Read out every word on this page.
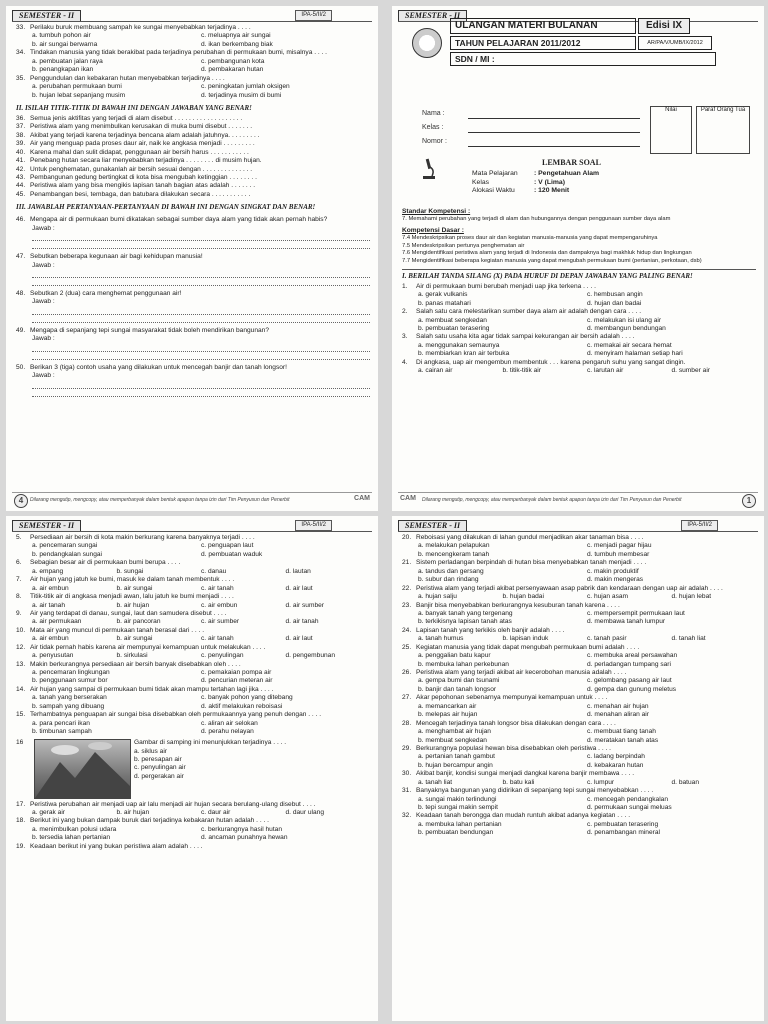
SEMESTER - II	IPA-5/II/2
33. Perilaku buruk membuang sampah ke sungai menyebabkan terjadinya . . . .
a. tumbuh pohon air	c. meluapnya air sungai
b. air sungai berwarna	d. ikan berkembang biak
34. Tindakan manusia yang tidak berakibat pada terjadinya perubahan di permukaan bumi, misalnya . . . .
a. pembuatan jalan raya	c. pembangunan kota
b. penangkapan ikan	d. pembakaran hutan
35. Penggundulan dan kebakaran hutan menyebabkan terjadinya . . . .
a. perubahan permukaan bumi	c. peningkatan jumlah oksigen
b. hujan lebat sepanjang musim	d. terjadinya musim di bumi
II. ISILAH TITIK-TITIK DI BAWAH INI DENGAN JAWABAN YANG BENAR!
36. Semua jenis aktifitas yang terjadi di alam disebut . . . . . . . . . . . . . . . . . . .
37. Peristiwa alam yang menimbulkan kerusakan di muka bumi disebut . . . . . . .
38. Akibat yang terjadi karena terjadinya bencana alam adalah jatuhnya. . . . . . . . .
39. Air yang menguap pada proses daur air, naik ke angkasa menjadi . . . . . . . . .
40. Karena mahal dan sulit didapat, penggunaan air bersih harus . . . . . . . . . . .
41. Penebang hutan secara liar menyebabkan terjadinya . . . . . . . . di musim hujan.
42. Untuk penghematan, gunakanlah air bersih sesuai dengan . . . . . . . . . . . . . .
43. Pembangunan gedung bertingkat di kota bisa mengubah ketinggian . . . . . . . .
44. Peristiwa alam yang bisa mengikis lapisan tanah bagian atas adalah . . . . . . .
45. Penambangan besi, tembaga, dan batubara dilakukan secara . . . . . . . . . . .
III. JAWABLAH PERTANYAAN-PERTANYAAN DI BAWAH INI DENGAN SINGKAT DAN BENAR!
46. Mengapa air di permukaan bumi dikatakan sebagai sumber daya alam yang tidak akan pernah habis?
Jawab :
47. Sebutkan beberapa kegunaan air bagi kehidupan manusia!
Jawab :
48. Sebutkan 2 (dua) cara menghemat penggunaan air!
Jawab :
49. Mengapa di sepanjang tepi sungai masyarakat tidak boleh mendirikan bangunan?
Jawab :
50. Berikan 3 (tiga) contoh usaha yang dilakukan untuk mencegah banjir dan tanah longsor!
Jawab :
4	Dilarang mengutip, mengcopy, atau memperbanyak dalam bentuk apapun tanpa izin dari Tim Penyusun dan Penerbit	CAM
SEMESTER - II
ULANGAN MATERI BULANAN	Edisi IX
TAHUN PELAJARAN 2011/2012	AR/PA/V/UMB/IX/2012
SDN / MI :
Nama :
Kelas :
Nomor :
Nilai	Paraf Orang Tua
LEMBAR SOAL
Mata Pelajaran : Pengetahuan Alam
Kelas	: V (Lima)
Alokasi Waktu	: 120 Menit
Standar Kompetensi :
7. Memahami perubahan yang terjadi di alam dan hubungannya dengan penggunaan sumber daya alam
Kompetensi Dasar :
7.4 Mendeskripsikan proses daur air dan kegiatan manusia-manusia yang dapat mempengaruhinya
7.5 Mendeskripsikan pertunya penghematan air
7.6 Mengidentifikasi peristiwa alam yang terjadi di Indonesia dan dampaknya bagi makhluk hidup dan lingkungan
7.7 Mengidentifikasi beberapa kegiatan manusia yang dapat mengubah permukaan bumi (pertanian, perkotaan, dsb)
I. BERILAH TANDA SILANG (X) PADA HURUF DI DEPAN JAWABAN YANG PALING BENAR!
1. Air di permukaan bumi berubah menjadi uap jika terkena . . . .
a. gerak vulkanis	c. hembusan angin
b. panas matahari	d. hujan dan badai
2. Salah satu cara melestarikan sumber daya alam air adalah dengan cara . . . .
a. membuat sengkedan	c. melakukan isi ulang air
b. pembuatan terasering	d. membangun bendungan
3. Salah satu usaha kita agar tidak sampai kekurangan air bersih adalah . . . .
a. menggunakan semaunya	c. memakai air secara hemat
b. membiarkan kran air terbuka	d. menyiram halaman setiap hari
4. Di angkasa, uap air mengembun membentuk . . . karena pengaruh suhu yang sangat dingin.
a. cairan air	b. titik-titik air	c. larutan air	d. sumber air
CAM Dilarang mengutip, mengcopy, atau memperbanyak dalam bentuk apapun tanpa izin dari Tim Penyusun dan Penerbit	1
SEMESTER - II	IPA-5/II/2
5. Persediaan air bersih di kota makin berkurang karena banyaknya terjadi . . . .
a. pencemaran sungai	c. penguapan laut
b. pendangkalan sungai	d. pembuatan waduk
6. Sebagian besar air di permukaan bumi berupa . . . .
a. empang	b. sungai	c. danau	d. lautan
7. Air hujan yang jatuh ke bumi, masuk ke dalam tanah membentuk . . . .
a. air embun	b. air sungai	c. air tanah	d. air laut
8. Titik-titik air di angkasa menjadi awan, lalu jatuh ke bumi menjadi . . . .
a. air tanah	b. air hujan	c. air embun	d. air sumber
9. Air yang terdapat di danau, sungai, laut dan samudera disebut . . . .
a. air permukaan	b. air pancoran	c. air sumber	d. air tanah
10. Mata air yang muncul di permukaan tanah berasal dari . . . .
a. air embun	b. air sungai	c. air tanah	d. air laut
12. Air tidak pernah habis karena air mempunyai kemampuan untuk melakukan . . . .
a. penyusutan	b. sirkulasi	c. penyulingan	d. pengembunan
13. Makin berkurangnya persediaan air bersih banyak disebabkan oleh . . . .
a. pencemaran lingkungan	c. pemakaian pompa air
b. penggunaan sumur bor	d. pencurian meteran air
14. Air hujan yang sampai di permukaan bumi tidak akan mampu tertahan lagi jika . . . .
a. tanah yang berserakan	c. banyak pohon yang ditebang
b. sampah yang dibuang	d. aktif melakukan reboisasi
15. Terhambatnya penguapan air sungai bisa disebabkan oleh permukaannya yang penuh dengan . . . .
a. para pencari ikan	c. aliran air selokan
b. timbunan sampah	d. perahu nelayan
16	Gambar di samping ini menunjukkan terjadinya . . . .
a. siklus air
b. peresapan air
c. penyulingan air
d. pergerakan air
17. Peristiwa perubahan air menjadi uap air lalu menjadi air hujan secara berulang-ulang disebut . . . .
a. gerak air	b. air hujan	c. daur air	d. daur ulang
18. Berikut ini yang bukan dampak buruk dari terjadinya kebakaran hutan adalah . . . .
a. menimbulkan polusi udara	c. berkurangnya hasil hutan
b. tersedia lahan pertanian	d. ancaman punahnya hewan
19. Keadaan berikut ini yang bukan peristiwa alam adalah . . . .
SEMESTER - II	IPA-5/II/2
20. Reboisasi yang dilakukan di lahan gundul menjadikan akar tanaman bisa . . . .
a. melakukan pelapukan	c. menjadi pagar hijau
b. mencengkeram tanah	d. tumbuh membesar
21. Sistem perladangan berpindah di hutan bisa menyebabkan tanah menjadi . . . .
a. tandus dan gersang	c. makin produktif
b. subur dan rindang	d. makin mengeras
22. Peristiwa alam yang terjadi akibat persenyawaan asap pabrik dan kendaraan dengan uap air adalah . . . .
a. hujan salju	b. hujan badai	c. hujan asam	d. hujan lebat
23. Banjir bisa menyebabkan berkurangnya kesuburan tanah karena . . . .
a. banyak tanah yang tergenang	c. mempersempit permukaan laut
b. terkikisnya lapisan tanah atas	d. membawa tanah lumpur
24. Lapisan tanah yang terkikis oleh banjir adalah . . . .
a. tanah humus	b. lapisan induk	c. tanah pasir	d. tanah liat
25. Kegiatan manusia yang tidak dapat mengubah permukaan bumi adalah . . . .
a. penggalian batu kapur	c. membuka areal persawahan
b. membuka lahan perkebunan	d. perladangan tumpang sari
26. Peristiwa alam yang terjadi akibat air kecerobohan manusia adalah . . . .
a. gempa bumi dan tsunami	c. gelombang pasang air laut
b. banjir dan tanah longsor	d. gempa dan gunung meletus
27. Akar pepohonan sebenarnya mempunyai kemampuan untuk . . . .
a. memancarkan air	c. menahan air hujan
b. melepas air hujan	d. menahan aliran air
28. Mencegah terjadinya tanah longsor bisa dilakukan dengan cara . . . .
a. menghambat air hujan	c. membuat tiang tanah
b. membuat sengkedan	d. meratakan tanah atas
29. Berkurangnya populasi hewan bisa disebabkan oleh peristiwa . . . .
a. pertanian tanah gambut	c. ladang berpindah
b. hujan bercampur angin	d. kebakaran hutan
30. Akibat banjir, kondisi sungai menjadi dangkal karena banjir membawa . . . .
a. tanah liat	b. batu kali	c. lumpur	d. batuan
31. Banyaknya bangunan yang didirikan di sepanjang tepi sungai menyebabkan . . . .
a. sungai makin terlindungi	c. mencegah pendangkalan
b. tepi sungai makin sempit	d. permukaan sungai meluas
32. Keadaan tanah berongga dan mudah runtuh akibat adanya kegiatan . . . .
a. membuka lahan pertanian	c. pembuatan terasering
b. pembuatan bendungan	d. penambangan mineral
